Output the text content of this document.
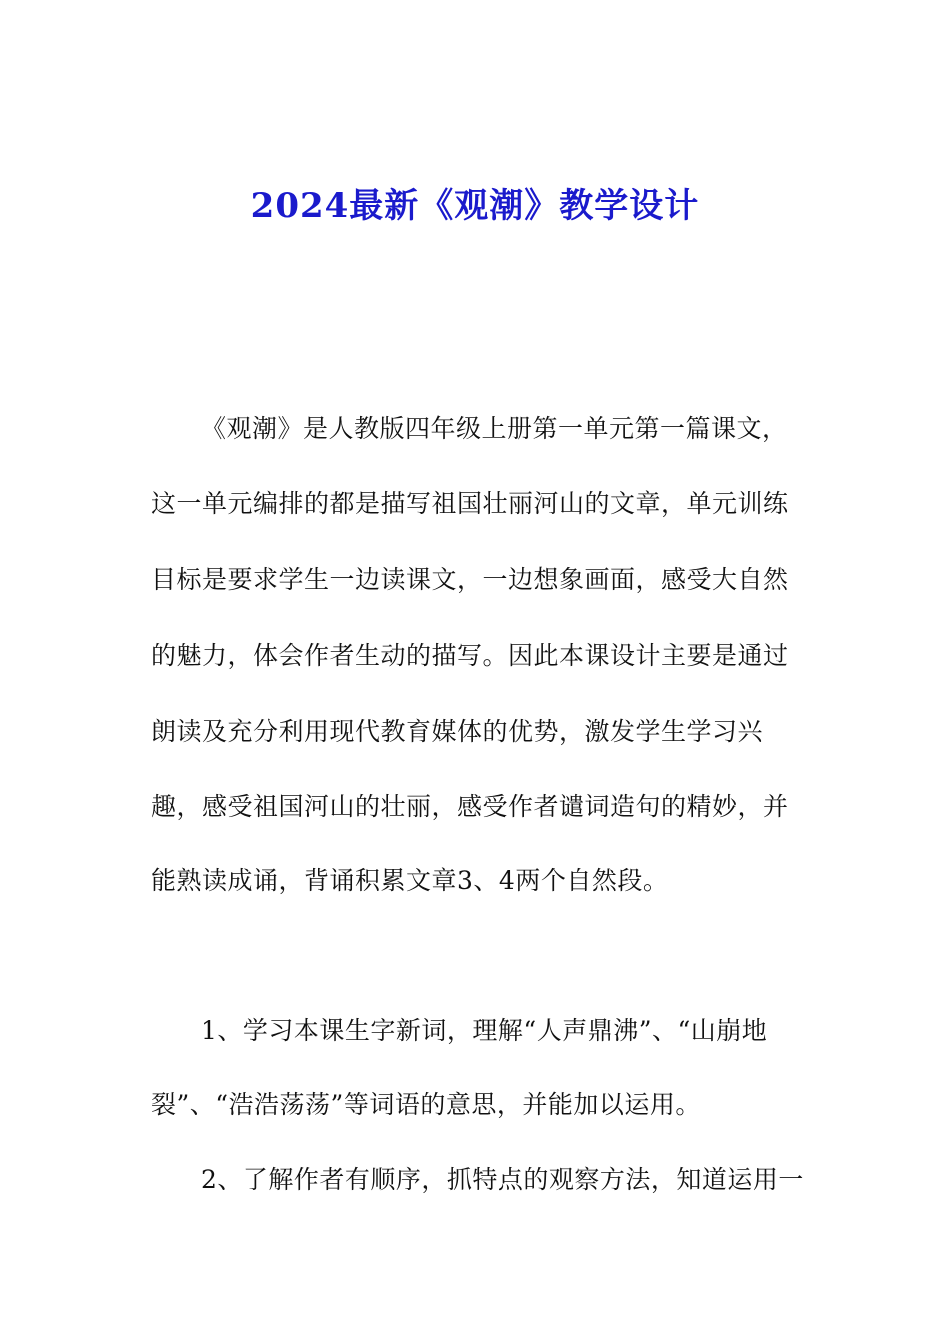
2024最新《观潮》教学设计
《观潮》是人教版四年级上册第一单元第一篇课文，
这一单元编排的都是描写祖国壮丽河山的文章，单元训练
目标是要求学生一边读课文，一边想象画面，感受大自然
的魅力，体会作者生动的描写。因此本课设计主要是通过
朗读及充分利用现代教育媒体的优势，激发学生学习兴
趣，感受祖国河山的壮丽，感受作者谴词造句的精妙，并
能熟读成诵，背诵积累文章3、4两个自然段。
1、学习本课生字新词，理解“人声鼎沸”、“山崩地
裂”、“浩浩荡荡”等词语的意思，并能加以运用。
2、了解作者有顺序，抓特点的观察方法，知道运用一
